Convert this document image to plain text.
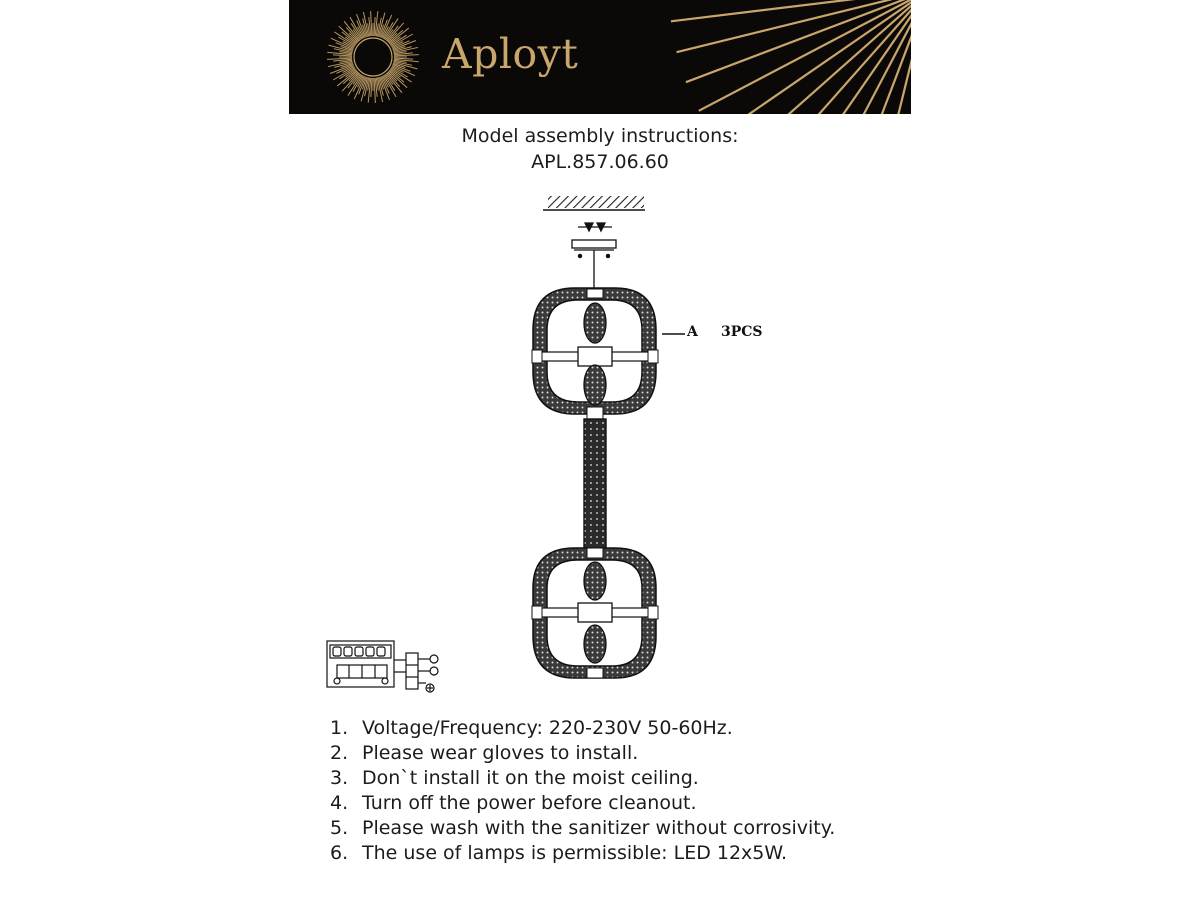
Aployt
Model assembly instructions:
APL.857.06.60
A 3PCS
1. Voltage/Frequency: 220-230V 50-60Hz.
2. Please wear gloves to install.
3. Don`t install it on the moist ceiling.
4. Turn off the power before cleanout.
5. Please wash with the sanitizer without corrosivity.
6. The use of lamps is permissible: LED 12x5W.
